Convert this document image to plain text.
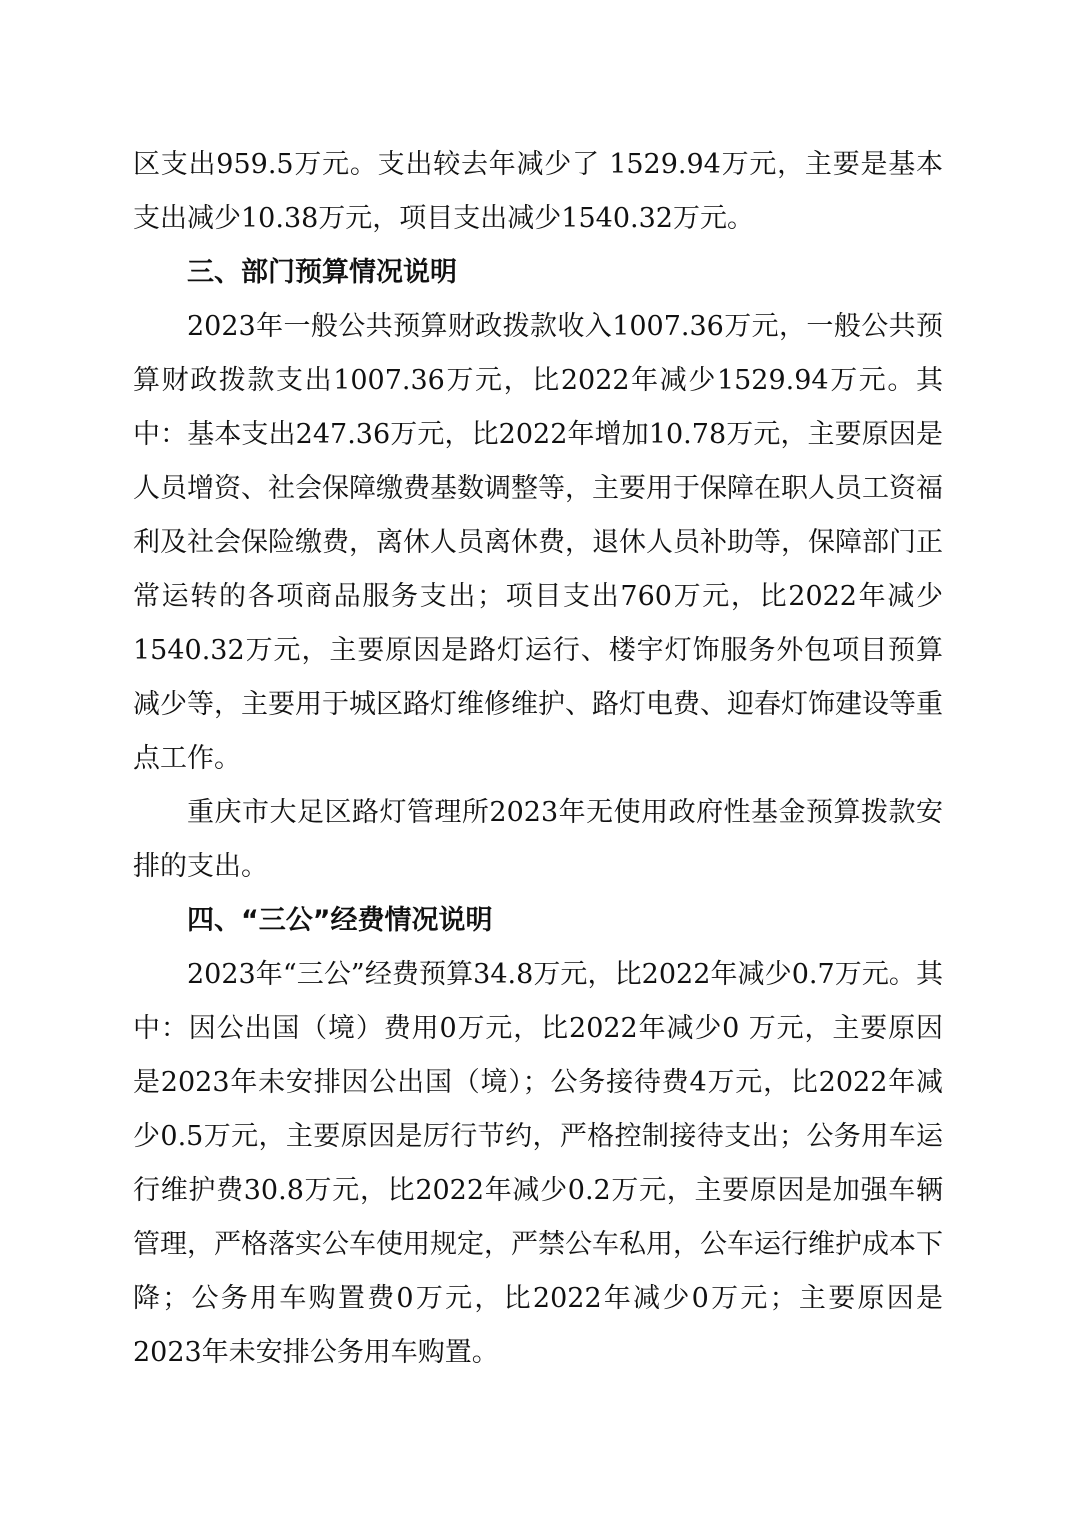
区支出959.5万元。支出较去年减少了 1529.94万元，主要是基本支出减少10.38万元，项目支出减少1540.32万元。

三、部门预算情况说明

2023年一般公共预算财政拨款收入1007.36万元，一般公共预算财政拨款支出1007.36万元，比2022年减少1529.94万元。其中：基本支出247.36万元，比2022年增加10.78万元，主要原因是人员增资、社会保障缴费基数调整等，主要用于保障在职人员工资福利及社会保险缴费，离休人员离休费，退休人员补助等，保障部门正常运转的各项商品服务支出；项目支出760万元，比2022年减少1540.32万元，主要原因是路灯运行、楼宇灯饰服务外包项目预算减少等，主要用于城区路灯维修维护、路灯电费、迎春灯饰建设等重点工作。

重庆市大足区路灯管理所2023年无使用政府性基金预算拨款安排的支出。

四、“三公”经费情况说明

2023年“三公”经费预算34.8万元，比2022年减少0.7万元。其中：因公出国（境）费用0万元，比2022年减少0 万元，主要原因是2023年未安排因公出国（境）；公务接待费4万元，比2022年减少0.5万元，主要原因是厉行节约，严格控制接待支出；公务用车运行维护费30.8万元，比2022年减少0.2万元，主要原因是加强车辆管理，严格落实公车使用规定，严禁公车私用，公车运行维护成本下降；公务用车购置费0万元，比2022年减少0万元；主要原因是2023年未安排公务用车购置。
